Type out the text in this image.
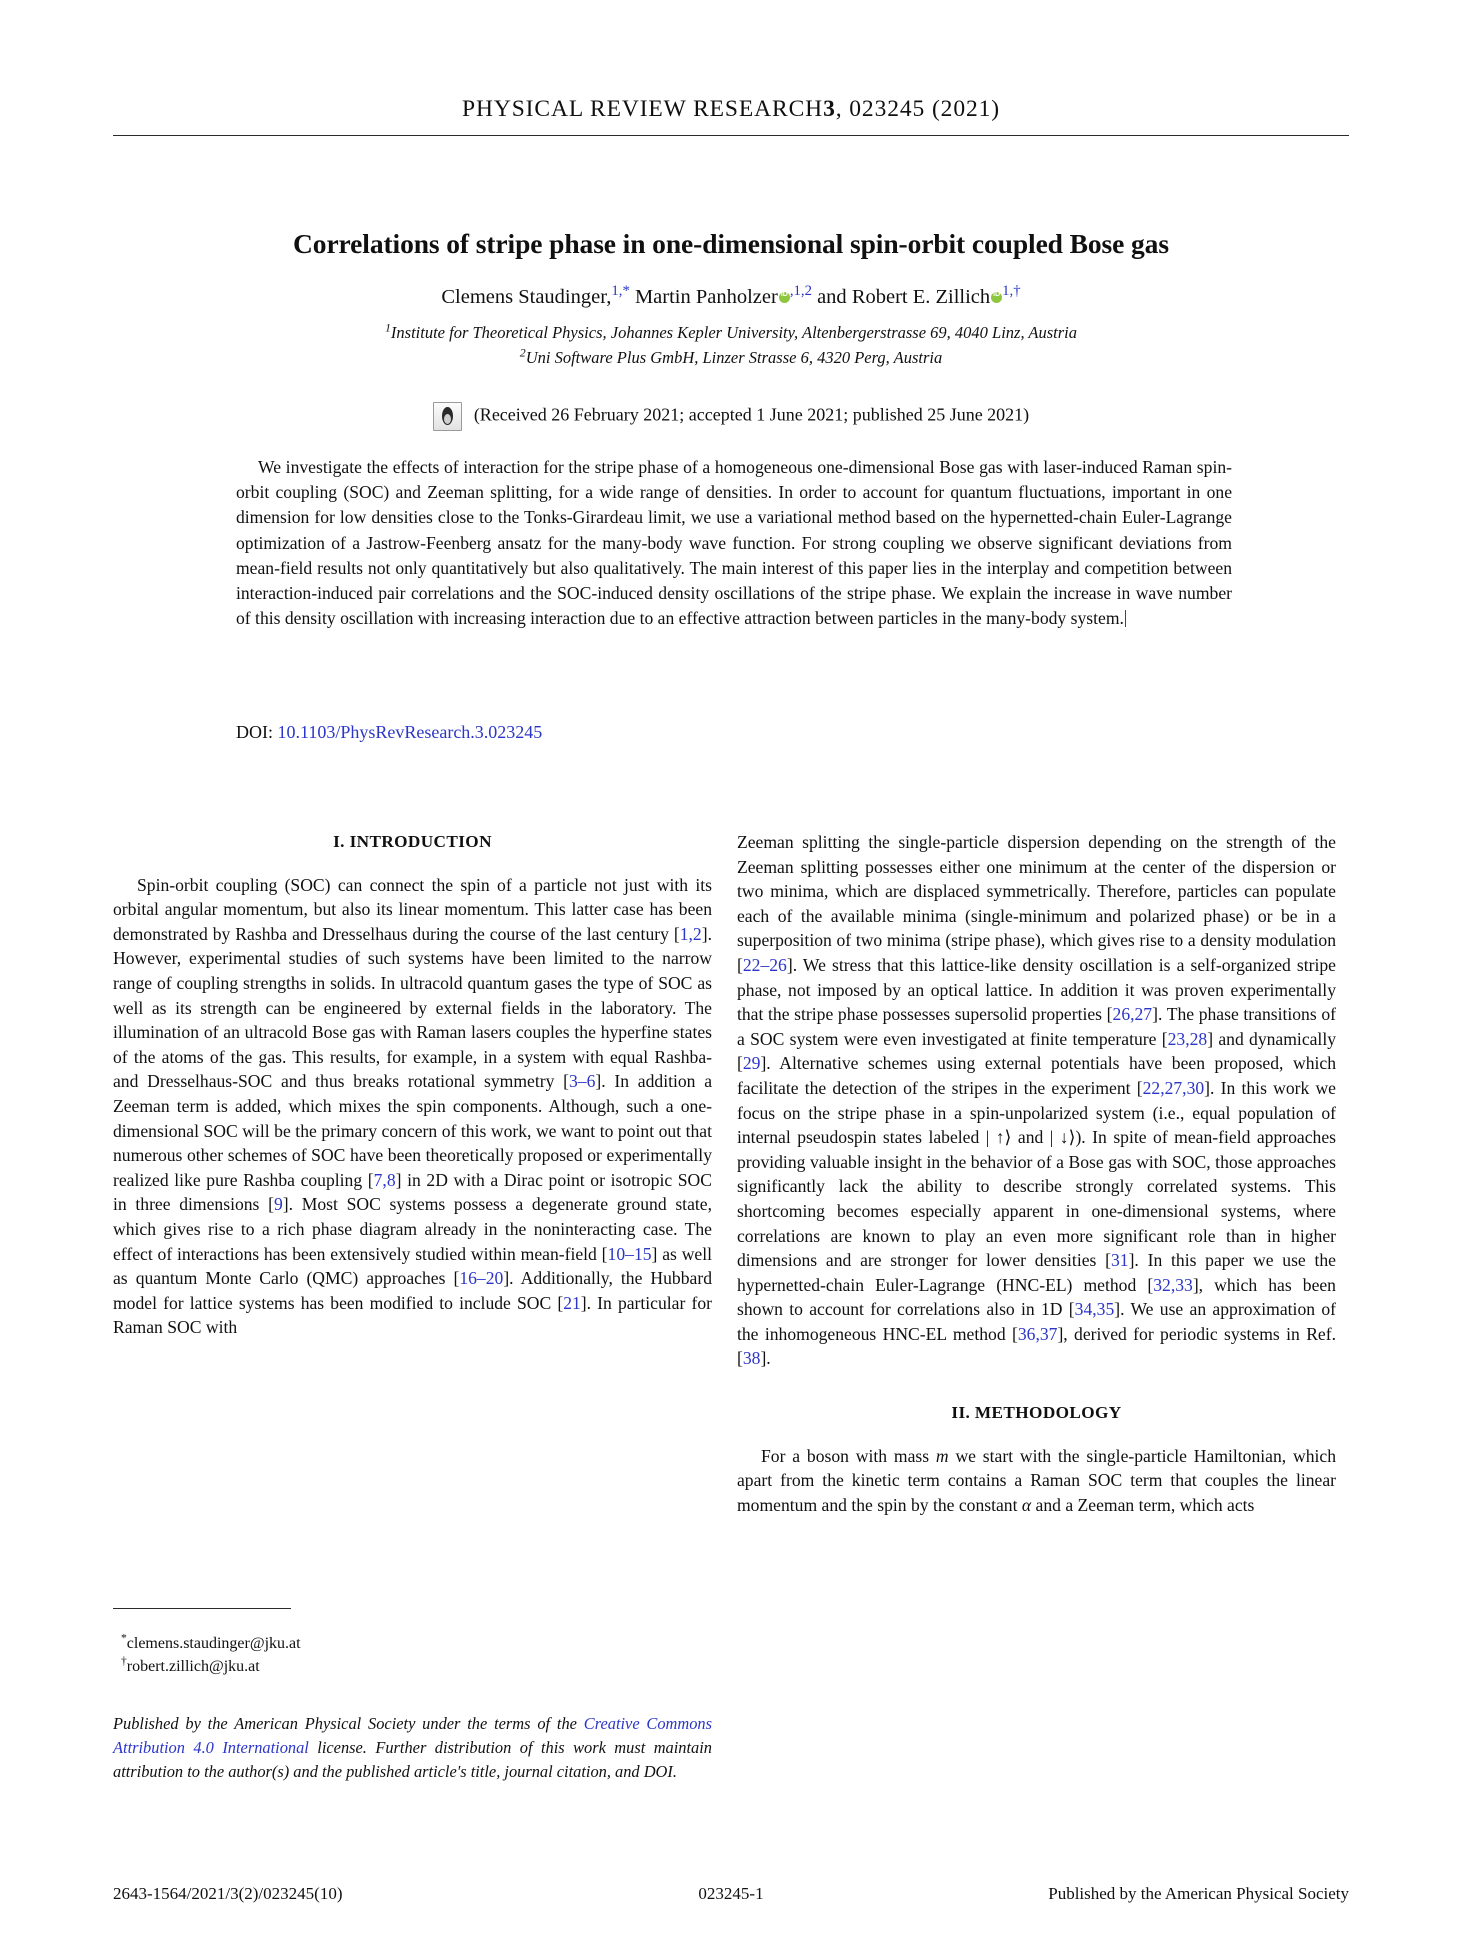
PHYSICAL REVIEW RESEARCH3, 023245 (2021)
Correlations of stripe phase in one-dimensional spin-orbit coupled Bose gas
Clemens Staudinger,$^{1,*}$ Martin Panholzer iD $^{,1,2}$ and Robert E. Zillich iD $^{1,\dagger}$
$^1$Institute for Theoretical Physics, Johannes Kepler University, Altenbergerstrasse 69, 4040 Linz, Austria
$^2$Uni Software Plus GmbH, Linzer Strasse 6, 4320 Perg, Austria
(Received 26 February 2021; accepted 1 June 2021; published 25 June 2021)
We investigate the effects of interaction for the stripe phase of a homogeneous one-dimensional Bose gas with laser-induced Raman spin-orbit coupling (SOC) and Zeeman splitting, for a wide range of densities. In order to account for quantum fluctuations, important in one dimension for low densities close to the Tonks-Girardeau limit, we use a variational method based on the hypernetted-chain Euler-Lagrange optimization of a Jastrow-Feenberg ansatz for the many-body wave function. For strong coupling we observe significant deviations from mean-field results not only quantitatively but also qualitatively. The main interest of this paper lies in the interplay and competition between interaction-induced pair correlations and the SOC-induced density oscillations of the stripe phase. We explain the increase in wave number of this density oscillation with increasing interaction due to an effective attraction between particles in the many-body system.
DOI: 10.1103/PhysRevResearch.3.023245
I. INTRODUCTION

Spin-orbit coupling (SOC) can connect the spin of a particle not just with its orbital angular momentum, but also its linear momentum. This latter case has been demonstrated by Rashba and Dresselhaus during the course of the last century [1,2]. However, experimental studies of such systems have been limited to the narrow range of coupling strengths in solids. In ultracold quantum gases the type of SOC as well as its strength can be engineered by external fields in the laboratory. The illumination of an ultracold Bose gas with Raman lasers couples the hyperfine states of the atoms of the gas. This results, for example, in a system with equal Rashba- and Dresselhaus-SOC and thus breaks rotational symmetry [3–6]. In addition a Zeeman term is added, which mixes the spin components. Although, such a one-dimensional SOC will be the primary concern of this work, we want to point out that numerous other schemes of SOC have been theoretically proposed or experimentally realized like pure Rashba coupling [7,8] in 2D with a Dirac point or isotropic SOC in three dimensions [9]. Most SOC systems possess a degenerate ground state, which gives rise to a rich phase diagram already in the noninteracting case. The effect of interactions has been extensively studied within mean-field [10–15] as well as quantum Monte Carlo (QMC) approaches [16–20]. Additionally, the Hubbard model for lattice systems has been modified to include SOC [21]. In particular for Raman SOC with

Zeeman splitting the single-particle dispersion depending on the strength of the Zeeman splitting possesses either one minimum at the center of the dispersion or two minima, which are displaced symmetrically. Therefore, particles can populate each of the available minima (single-minimum and polarized phase) or be in a superposition of two minima (stripe phase), which gives rise to a density modulation [22–26]. We stress that this lattice-like density oscillation is a self-organized stripe phase, not imposed by an optical lattice. In addition it was proven experimentally that the stripe phase possesses supersolid properties [26,27]. The phase transitions of a SOC system were even investigated at finite temperature [23,28] and dynamically [29]. Alternative schemes using external potentials have been proposed, which facilitate the detection of the stripes in the experiment [22,27,30]. In this work we focus on the stripe phase in a spin-unpolarized system (i.e., equal population of internal pseudospin states labeled | ↑⟩ and | ↓⟩). In spite of mean-field approaches providing valuable insight in the behavior of a Bose gas with SOC, those approaches significantly lack the ability to describe strongly correlated systems. This shortcoming becomes especially apparent in one-dimensional systems, where correlations are known to play an even more significant role than in higher dimensions and are stronger for lower densities [31]. In this paper we use the hypernetted-chain Euler-Lagrange (HNC-EL) method [32,33], which has been shown to account for correlations also in 1D [34,35]. We use an approximation of the inhomogeneous HNC-EL method [36,37], derived for periodic systems in Ref. [38].

II. METHODOLOGY

For a boson with mass m we start with the single-particle Hamiltonian, which apart from the kinetic term contains a Raman SOC term that couples the linear momentum and the spin by the constant α and a Zeeman term, which acts

*clemens.staudinger@jku.at
†robert.zillich@jku.at
Published by the American Physical Society under the terms of the Creative Commons Attribution 4.0 International license. Further distribution of this work must maintain attribution to the author(s) and the published article's title, journal citation, and DOI.
023245-1
2643-1564/2021/3(2)/023245(10)	Published by the American Physical Society
